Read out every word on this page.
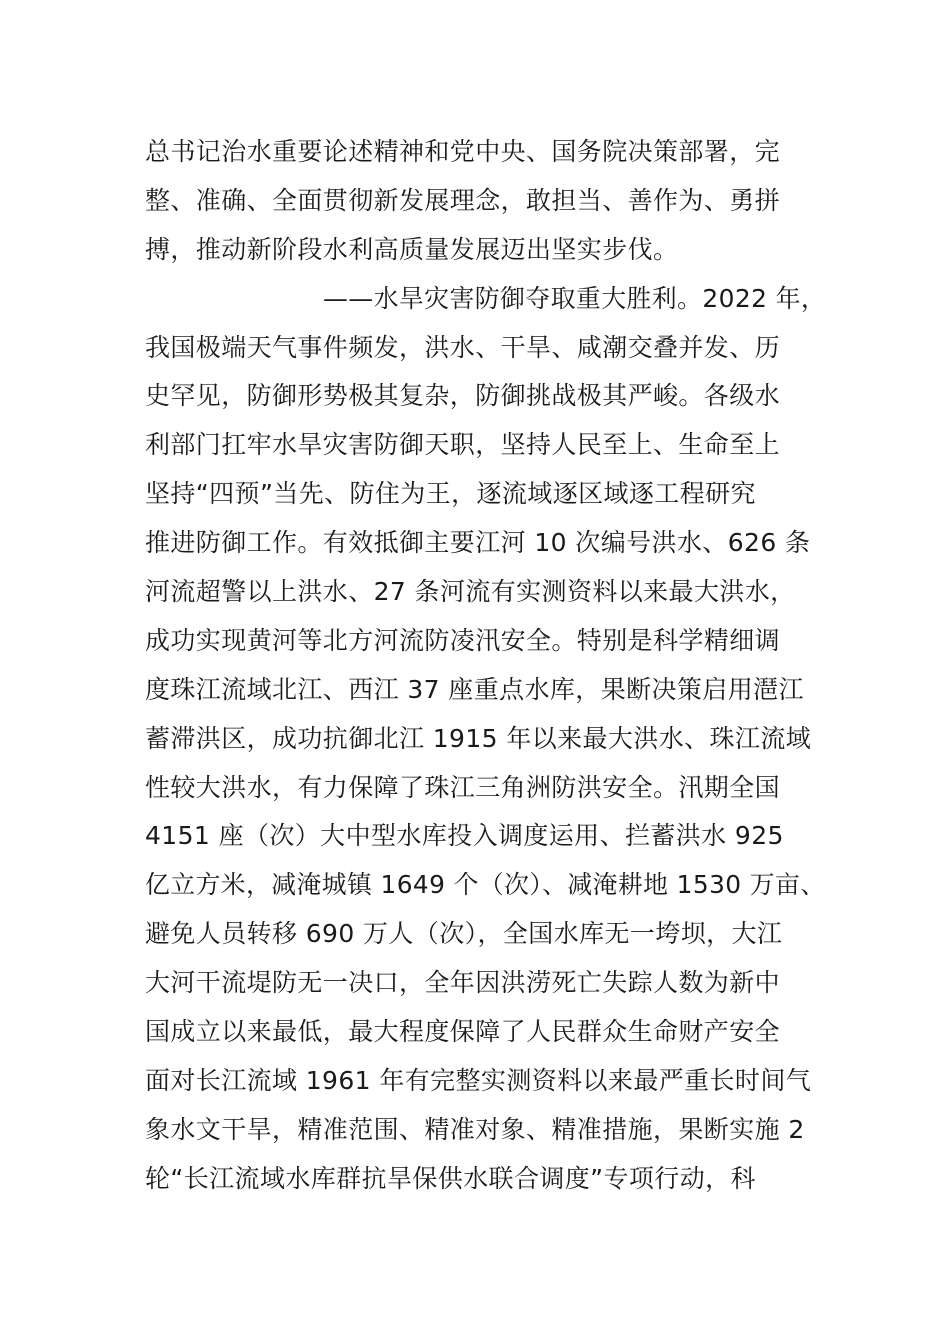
总书记治水重要论述精神和党中央、国务院决策部署，完
整、准确、全面贯彻新发展理念，敢担当、善作为、勇拼
搏，推动新阶段水利高质量发展迈出坚实步伐。
——水旱灾害防御夺取重大胜利。2022 年，
我国极端天气事件频发，洪水、干旱、咸潮交叠并发、历
史罕见，防御形势极其复杂，防御挑战极其严峻。各级水
利部门扛牢水旱灾害防御天职，坚持人民至上、生命至上
坚持“四预”当先、防住为王，逐流域逐区域逐工程研究
推进防御工作。有效抵御主要江河 10 次编号洪水、626 条
河流超警以上洪水、27 条河流有实测资料以来最大洪水，
成功实现黄河等北方河流防凌汛安全。特别是科学精细调
度珠江流域北江、西江 37 座重点水库，果断决策启用潖江
蓄滞洪区，成功抗御北江 1915 年以来最大洪水、珠江流域
性较大洪水，有力保障了珠江三角洲防洪安全。汛期全国
4151 座（次）大中型水库投入调度运用、拦蓄洪水 925
亿立方米，减淹城镇 1649 个（次）、减淹耕地 1530 万亩、
避免人员转移 690 万人（次），全国水库无一垮坝，大江
大河干流堤防无一决口，全年因洪涝死亡失踪人数为新中
国成立以来最低，最大程度保障了人民群众生命财产安全
面对长江流域 1961 年有完整实测资料以来最严重长时间气
象水文干旱，精准范围、精准对象、精准措施，果断实施 2
轮“长江流域水库群抗旱保供水联合调度”专项行动，科
